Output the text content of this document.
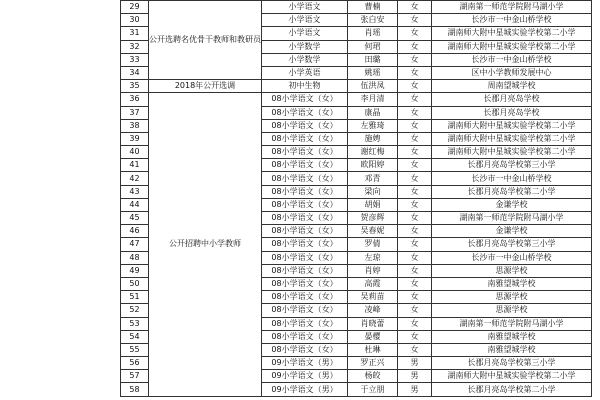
29	公开选聘名优骨干教师和教研员	小学语文	曹楠	女	湖南第一师范学院附马湖小学
30		小学语文	张白安	女	长沙市一中金山桥学校
31		小学语文	肖瑶	女	湖南师大附中星城实验学校第二小学
32		小学数学	何珺	女	湖南师大附中星城实验学校第二小学
33		小学数学	田璐	女	长沙市一中金山桥学校
34		小学英语	姚瑶	女	区中小学教师发展中心
35	2018年公开选调	初中生物	伍洪凤	女	周南望城学校
36	公开招聘中小学教师	08小学语文（女）	李月清	女	长郡月亮岛学校
37		08小学语文（女）	康晶	女	长郡月亮岛学校
38		08小学语文（女）	左雅琦	女	湖南师大附中星城实验学校第二小学
39		08小学语文（女）	施娉	女	湖南师大附中星城实验学校第二小学
40		08小学语文（女）	谢红梅	女	湖南师大附中星城实验学校第二小学
41		08小学语文（女）	欧阳婷	女	长郡月亮岛学校第三小学
42		08小学语文（女）	邓青	女	长沙市一中金山桥学校
43		08小学语文（女）	梁向	女	长郡月亮岛学校第二小学
44		08小学语文（女）	胡娟	女	金谦学校
45		08小学语文（女）	贺彦辉	女	湖南第一师范学院附马湖小学
46		08小学语文（女）	吴春妮	女	金谦学校
47		08小学语文（女）	罗倩	女	长郡月亮岛学校第三小学
48		08小学语文（女）	左琼	女	长沙市一中金山桥学校
49		08小学语文（女）	肖婷	女	思源学校
50		08小学语文（女）	高霞	女	南雅望城学校
51		08小学语文（女）	吴莉苗	女	思源学校
52		08小学语文（女）	凌峰	女	思源学校
53		08小学语文（女）	肖晓蕾	女	湖南第一师范学院附马湖小学
54		08小学语文（女）	晏樱	女	南雅望城学校
55		08小学语文（女）	杜琳	女	南雅望城学校
56		09小学语文（男）	罗正兴	男	长郡月亮岛学校第三小学
57		09小学语文（男）	杨皎	男	湖南师大附中星城实验学校第二小学
58		09小学语文（男）	于立朋	男	长郡月亮岛学校第二小学
